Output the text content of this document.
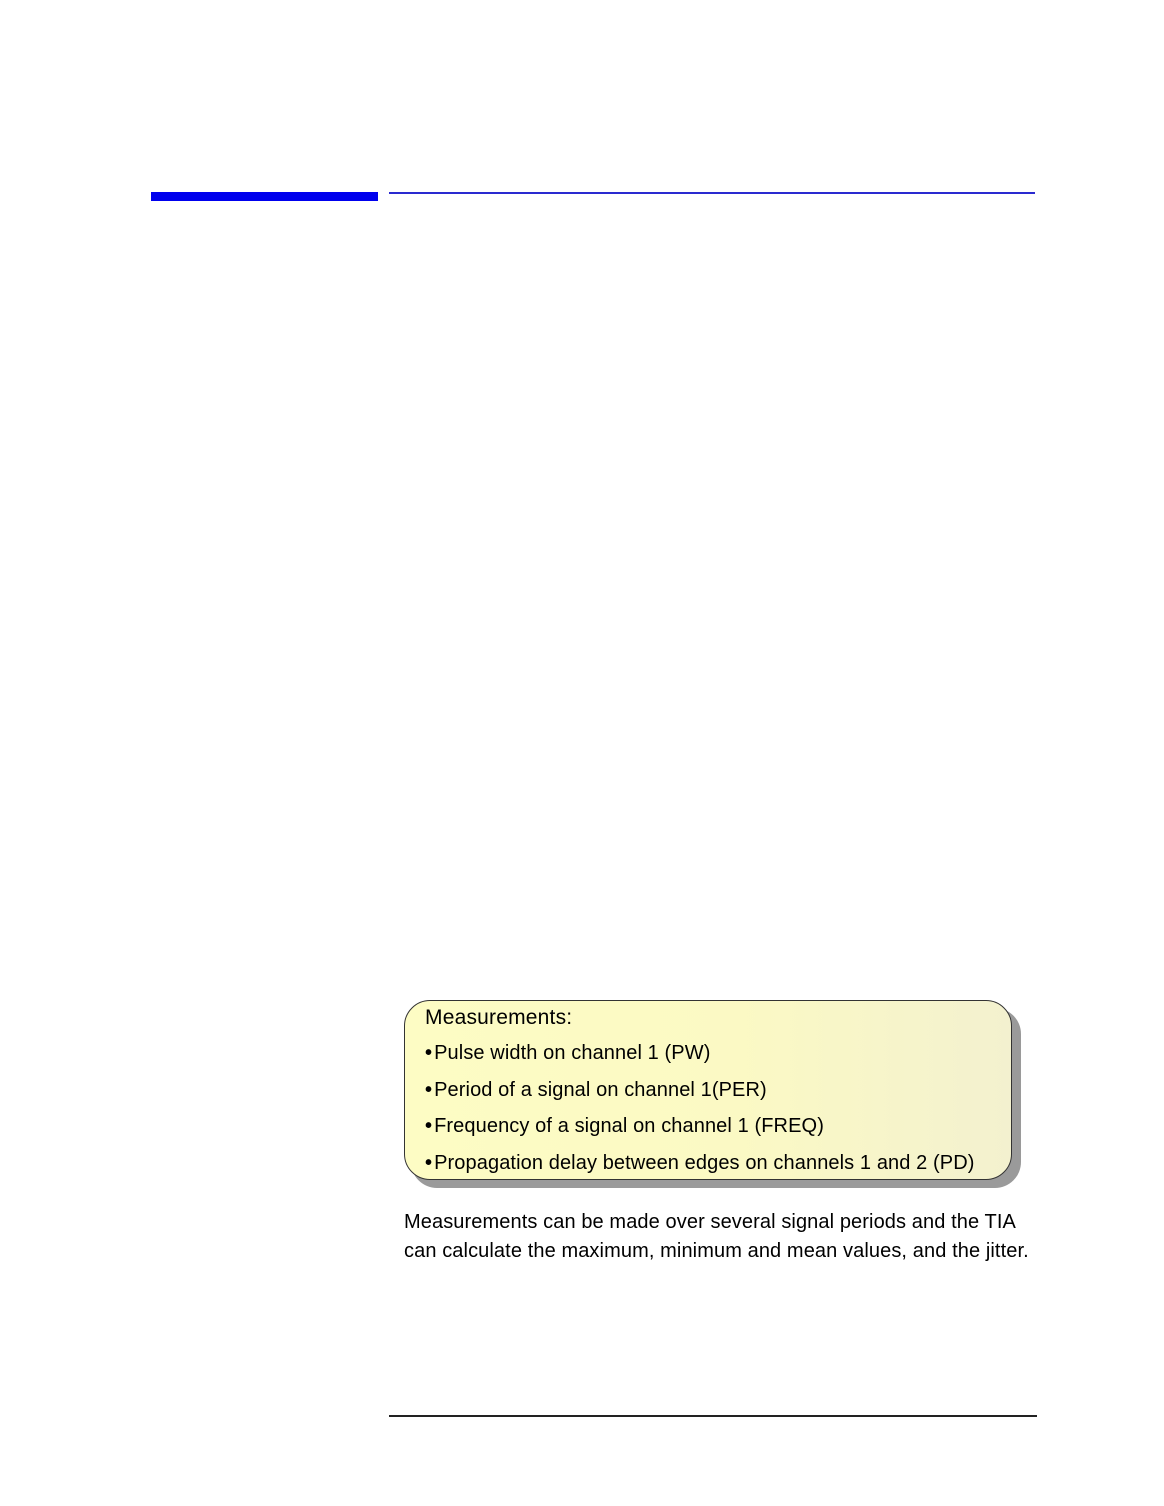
Measurements:
• Pulse width on channel 1 (PW)
• Period of a signal on channel 1(PER)
• Frequency of a signal on channel 1 (FREQ)
• Propagation delay between edges on channels 1 and 2 (PD)

Measurements can be made over several signal periods and the TIA can calculate the maximum, minimum and mean values, and the jitter.
